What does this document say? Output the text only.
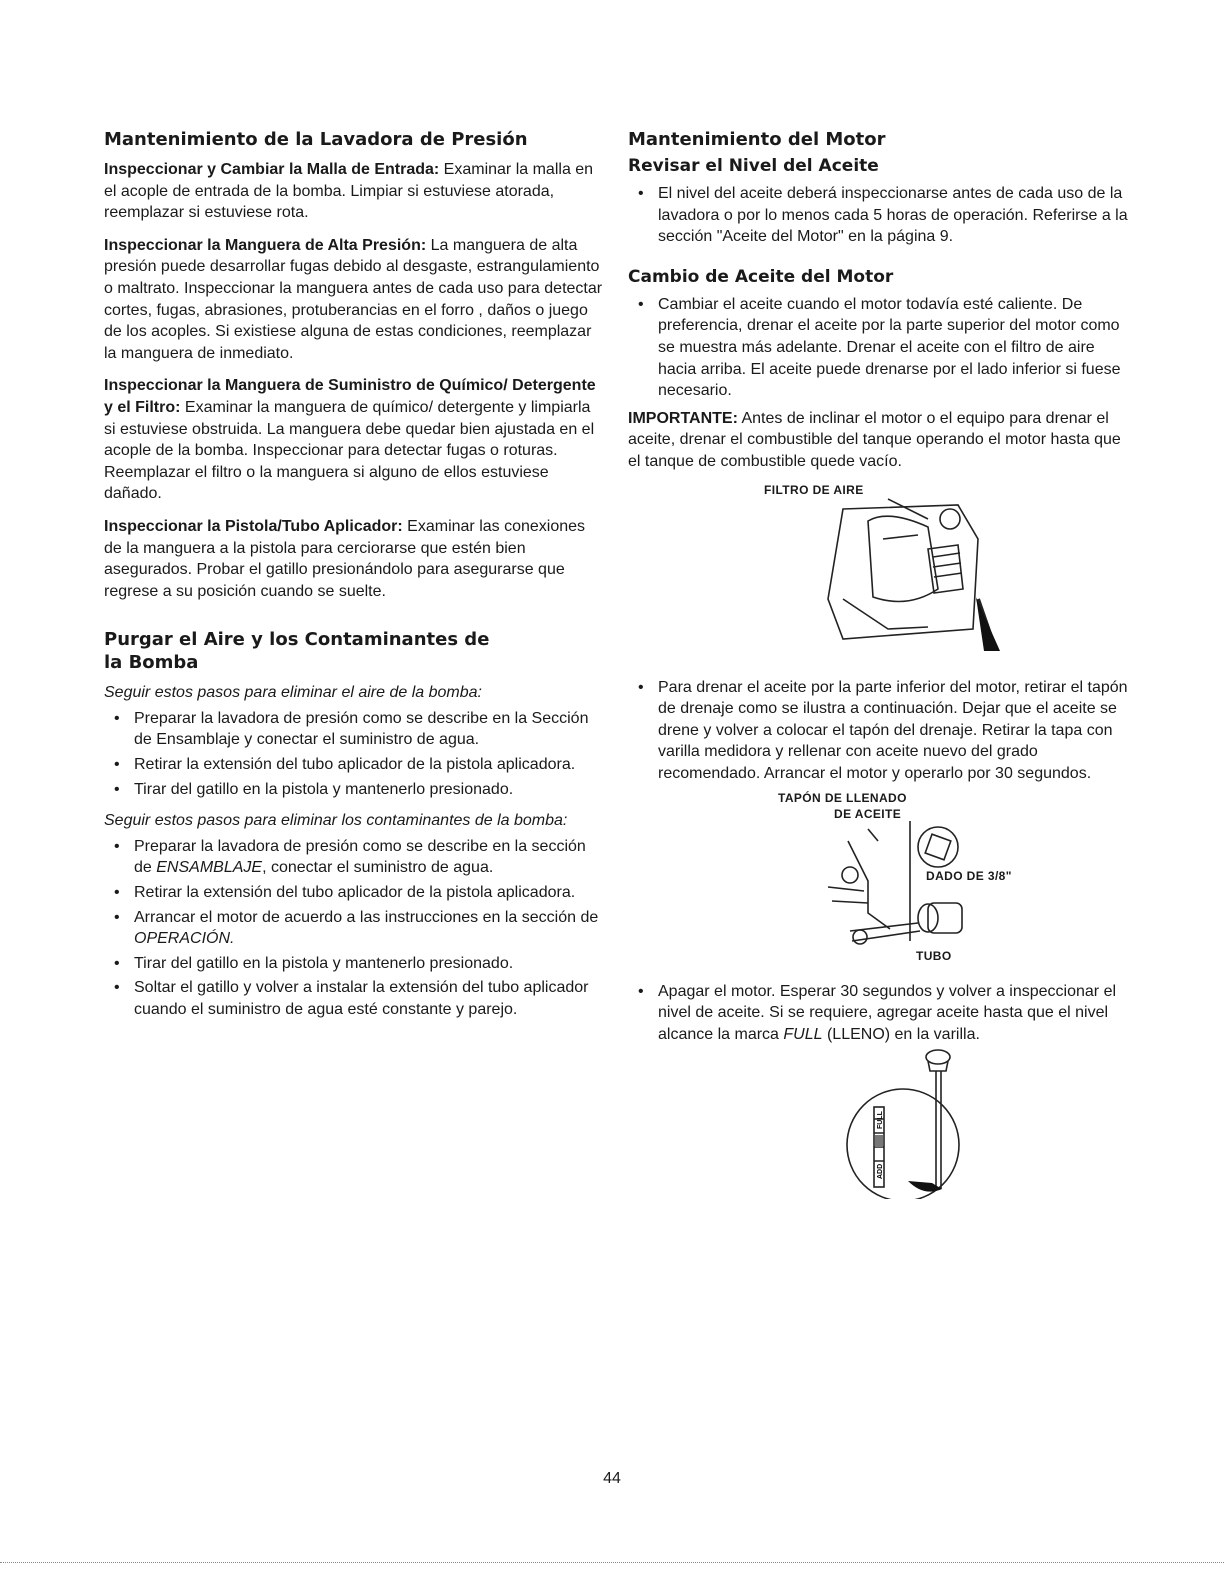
Mantenimiento de la Lavadora de Presión

Inspeccionar y Cambiar la Malla de Entrada: Examinar la malla en el acople de entrada de la bomba. Limpiar si estuviese atorada, reemplazar si estuviese rota.

Inspeccionar la Manguera de Alta Presión: La manguera de alta presión puede desarrollar fugas debido al desgaste, estrangulamiento o maltrato. Inspeccionar la manguera antes de cada uso para detectar cortes, fugas, abrasiones, protuberancias en el forro , daños o juego de los acoples. Si existiese alguna de estas condiciones, reemplazar la manguera de inmediato.

Inspeccionar la Manguera de Suministro de Químico/ Detergente y el Filtro: Examinar la manguera de químico/ detergente y limpiarla si estuviese obstruida. La manguera debe quedar bien ajustada en el acople de la bomba. Inspeccionar para detectar fugas o roturas. Reemplazar el filtro o la manguera si alguno de ellos estuviese dañado.

Inspeccionar la Pistola/Tubo Aplicador: Examinar las conexiones de la manguera a la pistola para cerciorarse que estén bien asegurados. Probar el gatillo presionándolo para asegurarse que regrese a su posición cuando se suelte.

Purgar el Aire y los Contaminantes de la Bomba

Seguir estos pasos para eliminar el aire de la bomba:

• Preparar la lavadora de presión como se describe en la Sección de Ensamblaje y conectar el suministro de agua.
• Retirar la extensión del tubo aplicador de la pistola aplicadora.
• Tirar del gatillo en la pistola y mantenerlo presionado.

Seguir estos pasos para eliminar los contaminantes de la bomba:

• Preparar la lavadora de presión como se describe en la sección de ENSAMBLAJE, conectar el suministro de agua.
• Retirar la extensión del tubo aplicador de la pistola aplicadora.
• Arrancar el motor de acuerdo a las instrucciones en la sección de OPERACIÓN.
• Tirar del gatillo en la pistola y mantenerlo presionado.
• Soltar el gatillo y volver a instalar la extensión del tubo aplicador cuando el suministro de agua esté constante y parejo.
Mantenimiento del Motor
Revisar el Nivel del Aceite
• El nivel del aceite deberá inspeccionarse antes de cada uso de la lavadora o por lo menos cada 5 horas de operación. Referirse a la sección "Aceite del Motor" en la página 9.
Cambio de Aceite del Motor
• Cambiar el aceite cuando el motor todavía esté caliente. De preferencia, drenar el aceite por la parte superior del motor como se muestra más adelante. Drenar el aceite con el filtro de aire hacia arriba. El aceite puede drenarse por el lado inferior si fuese necesario.

IMPORTANTE: Antes de inclinar el motor o el equipo para drenar el aceite, drenar el combustible del tanque operando el motor hasta que el tanque de combustible quede vacío.

FILTRO DE AIRE
• Para drenar el aceite por la parte inferior del motor, retirar el tapón de drenaje como se ilustra a continuación. Dejar que el aceite se drene y volver a colocar el tapón del drenaje. Retirar la tapa con varilla medidora y rellenar con aceite nuevo del grado recomendado. Arrancar el motor y operarlo por 30 segundos.
TAPÓN DE LLENADO
DE ACEITE
DADO DE 3/8"
TUBO
• Apagar el motor. Esperar 30 segundos y volver a inspeccionar el nivel de aceite. Si se requiere, agregar aceite hasta que el nivel alcance la marca FULL (LLENO) en la varilla.
FULL
ADD
44
